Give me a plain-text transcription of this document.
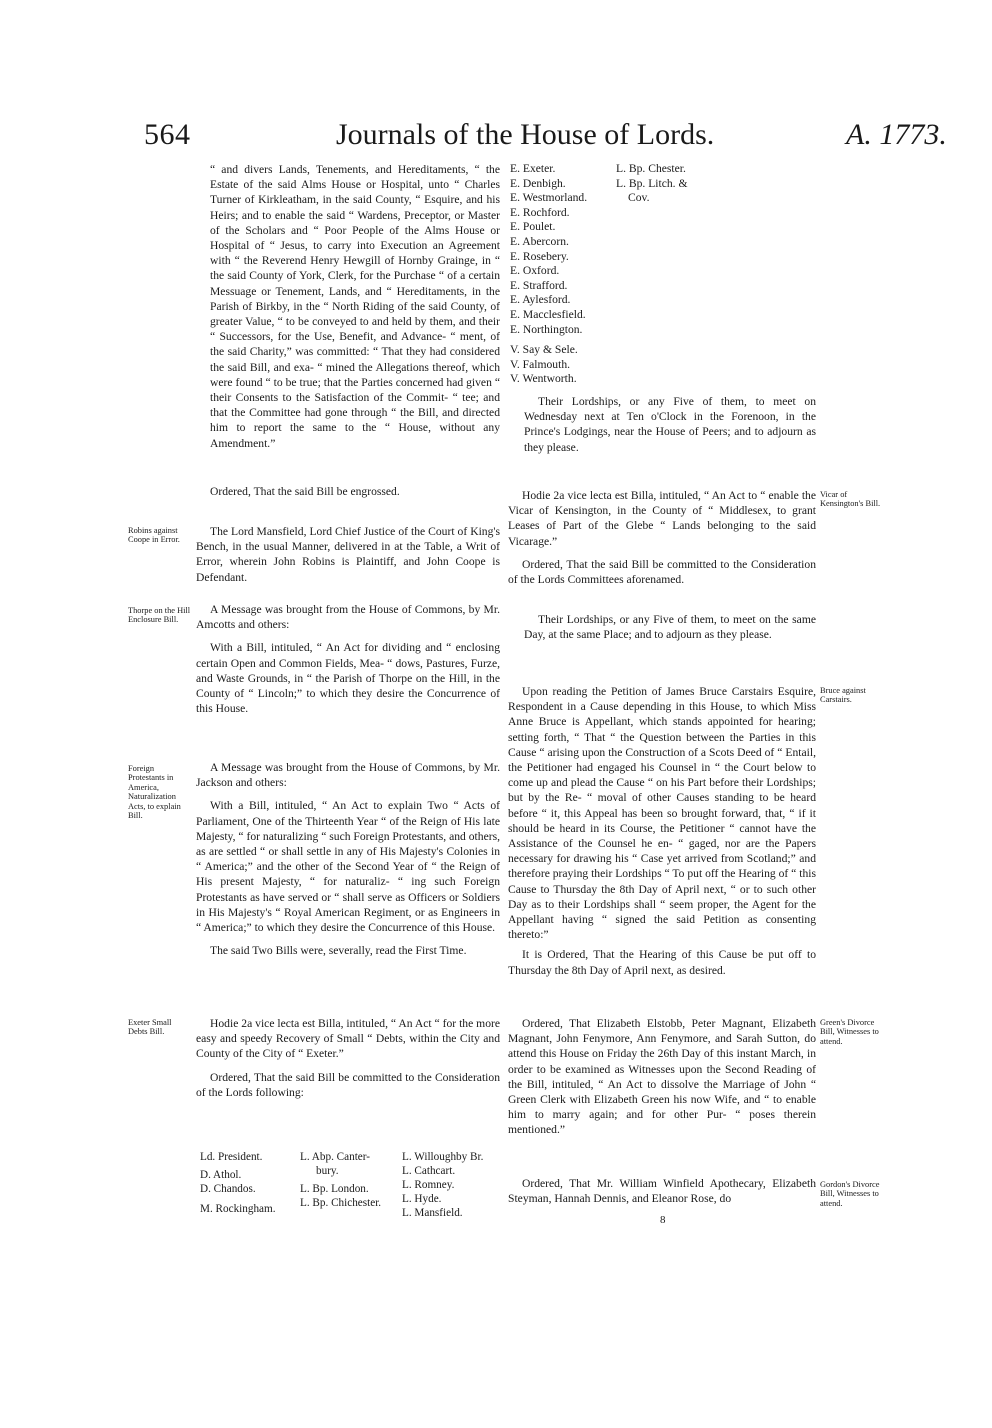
564	Journals of the House of Lords.	A. 1773.

“ and divers Lands, Tenements, and Hereditaments, “ the Estate of the said Alms House or Hospital, unto “ Charles Turner of Kirkleatham, in the said County, “ Esquire, and his Heirs; and to enable the said “ Wardens, Preceptor, or Master of the Scholars and “ Poor People of the Alms House or Hospital of “ Jesus, to carry into Execution an Agreement with “ the Reverend Henry Hewgill of Hornby Grainge, in “ the said County of York, Clerk, for the Purchase “ of a certain Messuage or Tenement, Lands, and “ Hereditaments, in the Parish of Birkby, in the “ North Riding of the said County, of greater Value, “ to be conveyed to and held by them, and their “ Successors, for the Use, Benefit, and Advance- “ ment, of the said Charity,” was committed: “ That they had considered the said Bill, and exa- “ mined the Allegations thereof, which were found “ to be true; that the Parties concerned had given “ their Consents to the Satisfaction of the Commit- “ tee; and that the Committee had gone through “ the Bill, and directed him to report the same to the “ House, without any Amendment.”

Ordered, That the said Bill be engrossed.

The Lord Mansfield, Lord Chief Justice of the Court of King's Bench, in the usual Manner, delivered in at the Table, a Writ of Error, wherein John Robins is Plaintiff, and John Coope is Defendant.

A Message was brought from the House of Commons, by Mr. Amcotts and others:

With a Bill, intituled, “ An Act for dividing and “ enclosing certain Open and Common Fields, Mea- “ dows, Pastures, Furze, and Waste Grounds, in “ the Parish of Thorpe on the Hill, in the County of “ Lincoln;” to which they desire the Concurrence of this House.

A Message was brought from the House of Commons, by Mr. Jackson and others:

With a Bill, intituled, “ An Act to explain Two “ Acts of Parliament, One of the Thirteenth Year “ of the Reign of His late Majesty, “ for naturalizing “ such Foreign Protestants, and others, as are settled “ or shall settle in any of His Majesty's Colonies in “ America;” and the other of the Second Year of “ the Reign of His present Majesty, “ for naturaliz- “ ing such Foreign Protestants as have served or “ shall serve as Officers or Soldiers in His Majesty's “ Royal American Regiment, or as Engineers in “ America;” to which they desire the Concurrence of this House.

The said Two Bills were, severally, read the First Time.

Hodie 2a vice lecta est Billa, intituled, “ An Act “ for the more easy and speedy Recovery of Small “ Debts, within the City and County of the City of “ Exeter.”

Ordered, That the said Bill be committed to the Consideration of the Lords following:

Ld. President.
D. Athol.
D. Chandos.
M. Rockingham.
L. Abp. Canter-
bury.
L. Bp. London.
L. Bp. Chichester.
L. Willoughby Br.
L. Cathcart.
L. Romney.
L. Hyde.
L. Mansfield.
E. Exeter.
E. Denbigh.
E. Westmorland.
E. Rochford.
E. Poulet.
E. Abercorn.
E. Rosebery.
E. Oxford.
E. Strafford.
E. Aylesford.
E. Macclesfield.
E. Northington.
V. Say & Sele.
V. Falmouth.
V. Wentworth.
L. Bp. Chester.
L. Bp. Litch. &
Cov.

Their Lordships, or any Five of them, to meet on Wednesday next at Ten o'Clock in the Forenoon, in the Prince's Lodgings, near the House of Peers; and to adjourn as they please.

Hodie 2a vice lecta est Billa, intituled, “ An Act to “ enable the Vicar of Kensington, in the County of “ Middlesex, to grant Leases of Part of the Glebe “ Lands belonging to the said Vicarage.”

Ordered, That the said Bill be committed to the Consideration of the Lords Committees aforenamed.

Their Lordships, or any Five of them, to meet on the same Day, at the same Place; and to adjourn as they please.

Upon reading the Petition of James Bruce Carstairs Esquire, Respondent in a Cause depending in this House, to which Miss Anne Bruce is Appellant, which stands appointed for hearing; setting forth, “ That “ the Question between the Parties in this Cause “ arising upon the Construction of a Scots Deed of “ Entail, the Petitioner had engaged his Counsel in “ the Court below to come up and plead the Cause “ on his Part before their Lordships; but by the Re- “ moval of other Causes standing to be heard before “ it, this Appeal has been so brought forward, that, “ if it should be heard in its Course, the Petitioner “ cannot have the Assistance of the Counsel he en- “ gaged, nor are the Papers necessary for drawing his “ Case yet arrived from Scotland;” and therefore praying their Lordships “ To put off the Hearing of “ this Cause to Thursday the 8th Day of April next, “ or to such other Day as to their Lordships shall “ seem proper, the Agent for the Appellant having “ signed the said Petition as consenting thereto:”

It is Ordered, That the Hearing of this Cause be put off to Thursday the 8th Day of April next, as desired.

Ordered, That Elizabeth Elstobb, Peter Magnant, Elizabeth Magnant, John Fenymore, Ann Fenymore, and Sarah Sutton, do attend this House on Friday the 26th Day of this instant March, in order to be examined as Witnesses upon the Second Reading of the Bill, intituled, “ An Act to dissolve the Marriage of John “ Green Clerk with Elizabeth Green his now Wife, and “ to enable him to marry again; and for other Pur- “ poses therein mentioned.”

Ordered, That Mr. William Winfield Apothecary, Elizabeth Steyman, Hannah Dennis, and Eleanor Rose, do

Robins against Coope in Error.
Thorpe on the Hill Enclosure Bill.
Foreign Protestants in America, Naturalization Acts, to explain Bill.
Exeter Small Debts Bill.
Vicar of Kensington's Bill.
Bruce against Carstairs.
Green's Divorce Bill, Witnesses to attend.
Gordon's Divorce Bill, Witnesses to attend.
8
